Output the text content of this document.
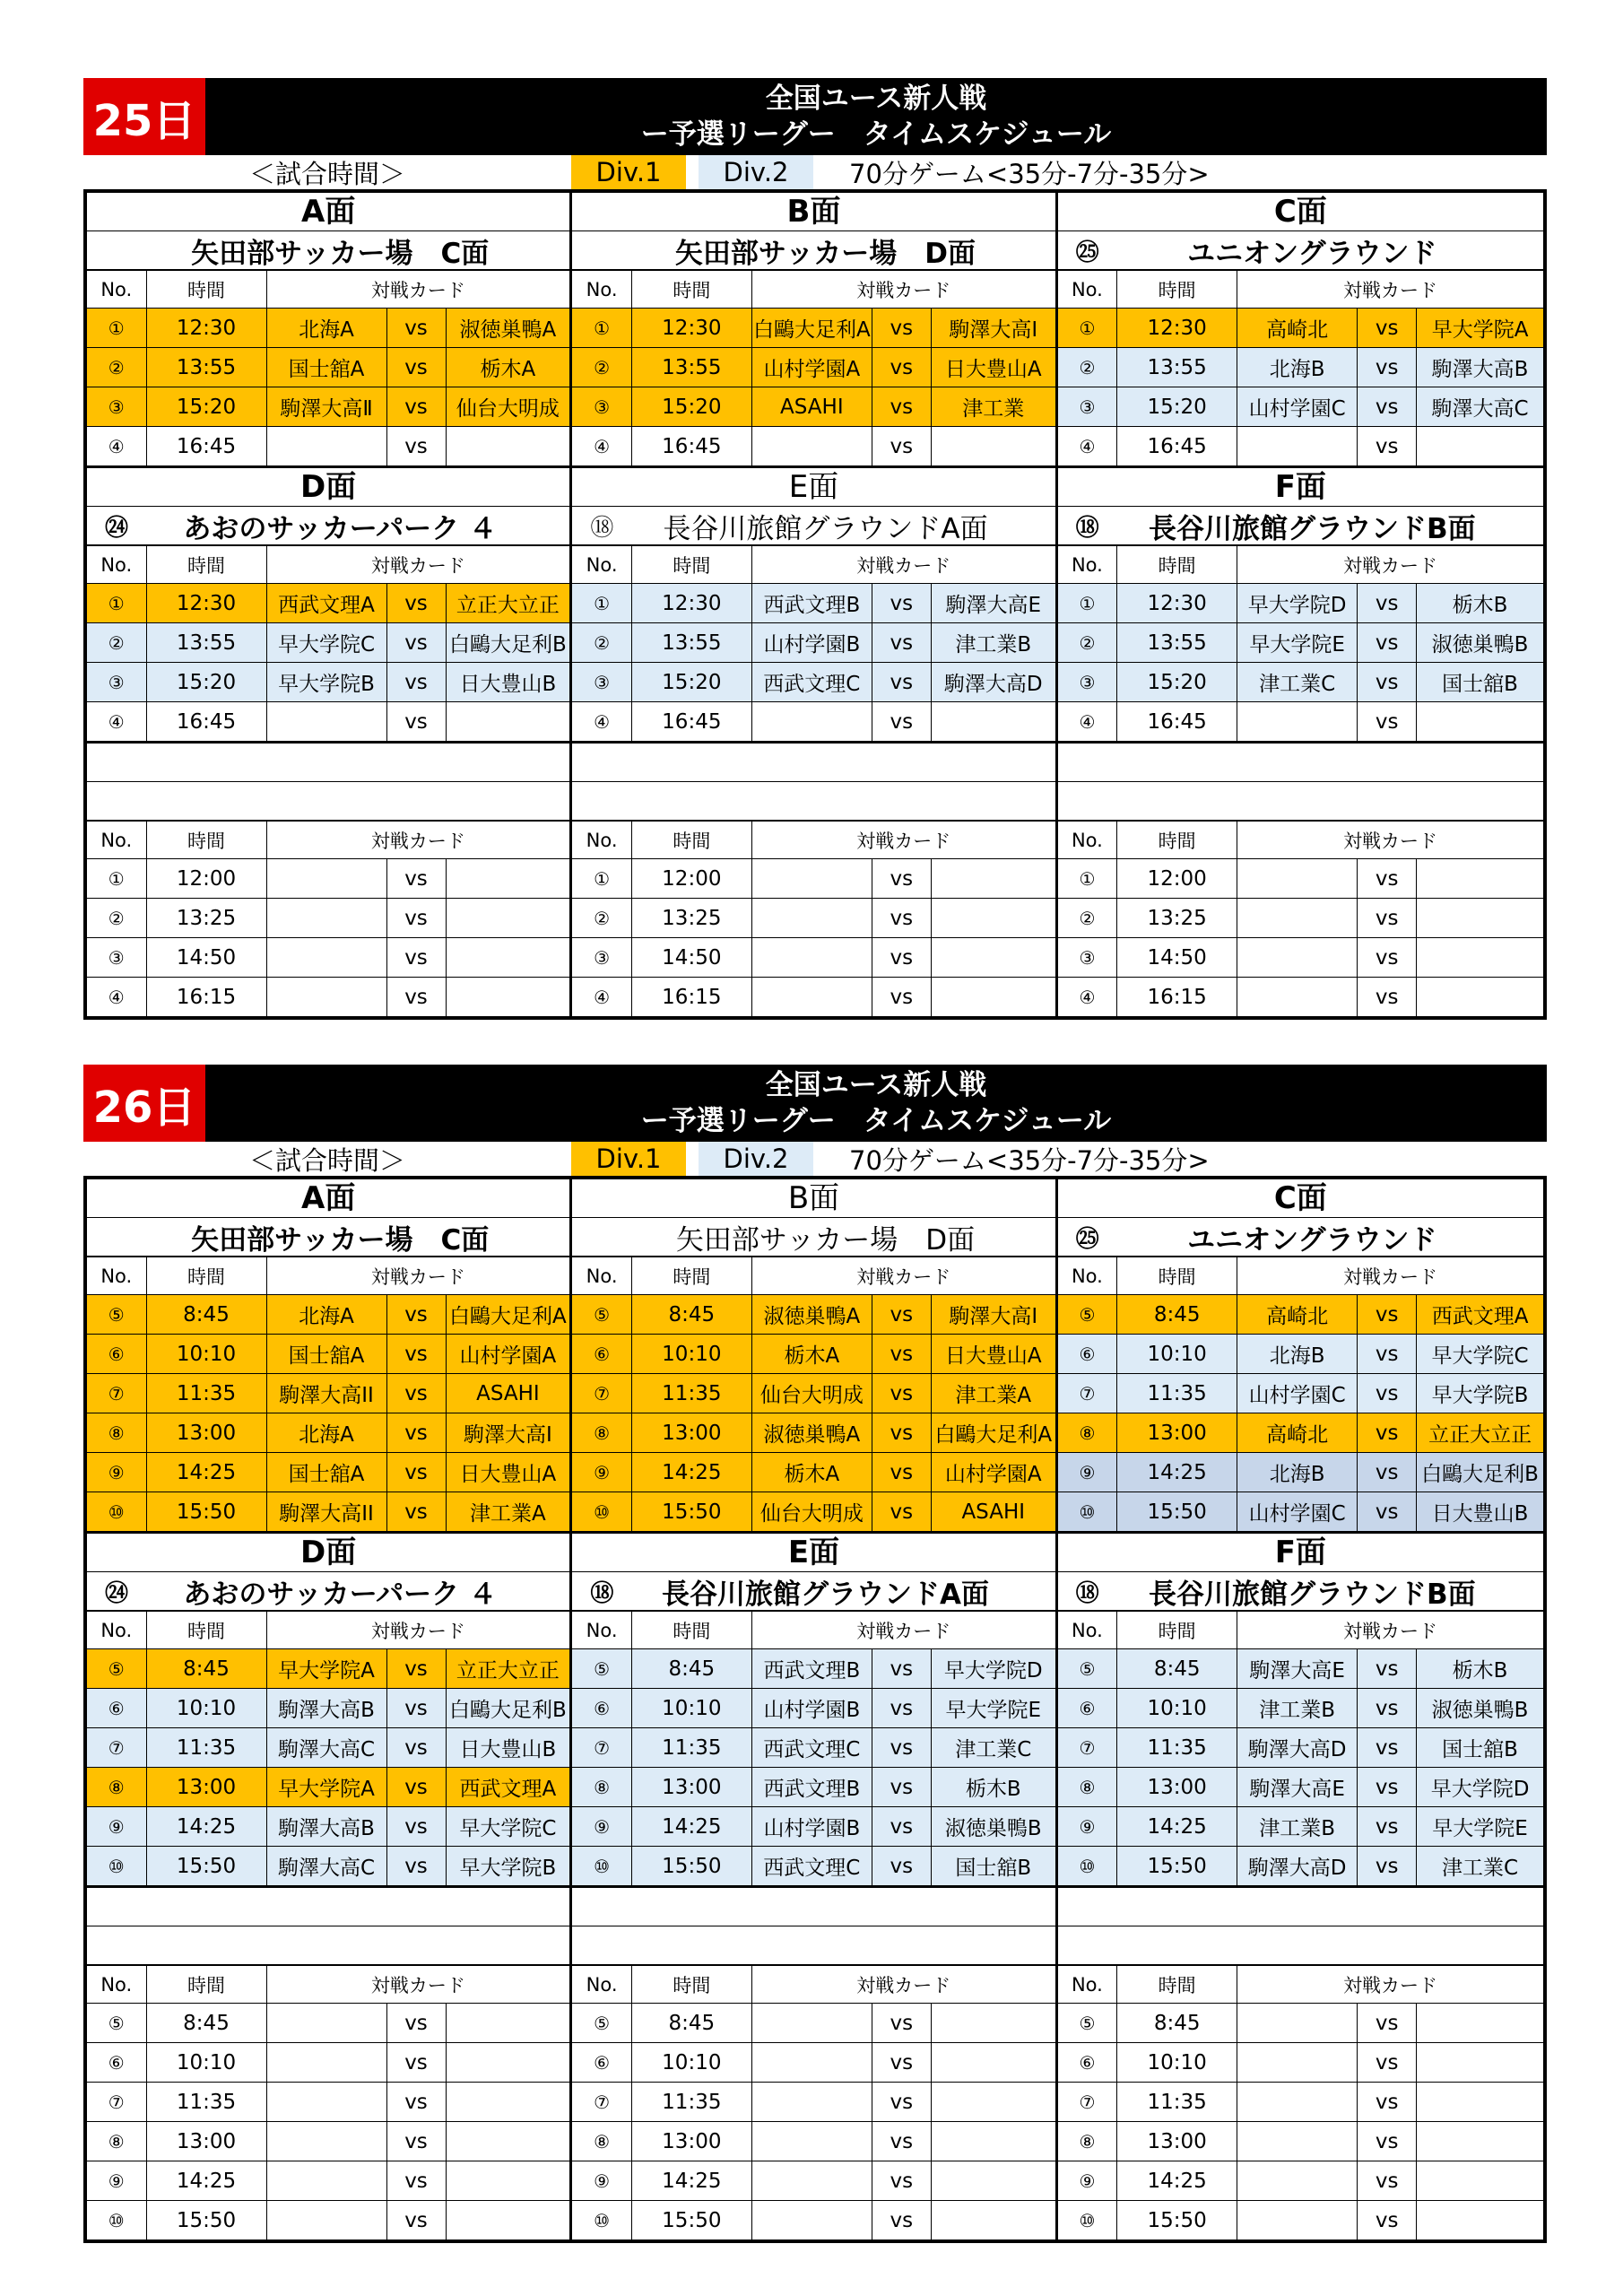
25日	全国ユース新人戦
ー予選リーグー　タイムスケジュール
＜試合時間＞	Div.1	Div.2	70分ゲーム<35分-7分-35分>
A面
矢田部サッカー場　C面
No.	時間	対戦カード		
①	12:30	北海A	vs	淑徳巣鴨A
②	13:55	国士舘A	vs	栃木A
③	15:20	駒澤大高Ⅱ	vs	仙台大明成
④	16:45		vs	
B面
矢田部サッカー場　D面
No.	時間	対戦カード		
①	12:30	白鷗大足利A	vs	駒澤大高Ⅰ
②	13:55	山村学園A	vs	日大豊山A
③	15:20	ASAHI	vs	津工業
④	16:45		vs	
C面
㉕	ユニオングラウンド
No.	時間	対戦カード		
①	12:30	高崎北	vs	早大学院A
②	13:55	北海B	vs	駒澤大高B
③	15:20	山村学園C	vs	駒澤大高C
④	16:45		vs	
D面
㉔	あおのサッカーパーク ４
No.	時間	対戦カード		
①	12:30	西武文理A	vs	立正大立正
②	13:55	早大学院C	vs	白鷗大足利B
③	15:20	早大学院B	vs	日大豊山B
④	16:45		vs	
E面
⑱	長谷川旅館グラウンドA面
No.	時間	対戦カード		
①	12:30	西武文理B	vs	駒澤大高E
②	13:55	山村学園B	vs	津工業B
③	15:20	西武文理C	vs	駒澤大高D
④	16:45		vs	
F面
⑱	長谷川旅館グラウンドB面
No.	時間	対戦カード		
①	12:30	早大学院D	vs	栃木B
②	13:55	早大学院E	vs	淑徳巣鴨B
③	15:20	津工業C	vs	国士舘B
④	16:45		vs	
No.	時間	対戦カード		
①	12:00		vs	
②	13:25		vs	
③	14:50		vs	
④	16:15		vs	
No.	時間	対戦カード		
①	12:00		vs	
②	13:25		vs	
③	14:50		vs	
④	16:15		vs	
No.	時間	対戦カード		
①	12:00		vs	
②	13:25		vs	
③	14:50		vs	
④	16:15		vs	
26日	全国ユース新人戦
ー予選リーグー　タイムスケジュール
＜試合時間＞	Div.1	Div.2	70分ゲーム<35分-7分-35分>
A面
矢田部サッカー場　C面
No.	時間	対戦カード		
⑤	8:45	北海A	vs	白鷗大足利A
⑥	10:10	国士舘A	vs	山村学園A
⑦	11:35	駒澤大高II	vs	ASAHI
⑧	13:00	北海A	vs	駒澤大高Ⅰ
⑨	14:25	国士舘A	vs	日大豊山A
⑩	15:50	駒澤大高II	vs	津工業A
B面
矢田部サッカー場　D面
No.	時間	対戦カード		
⑤	8:45	淑徳巣鴨A	vs	駒澤大高Ⅰ
⑥	10:10	栃木A	vs	日大豊山A
⑦	11:35	仙台大明成	vs	津工業A
⑧	13:00	淑徳巣鴨A	vs	白鷗大足利A
⑨	14:25	栃木A	vs	山村学園A
⑩	15:50	仙台大明成	vs	ASAHI
C面
㉕	ユニオングラウンド
No.	時間	対戦カード		
⑤	8:45	高崎北	vs	西武文理A
⑥	10:10	北海B	vs	早大学院C
⑦	11:35	山村学園C	vs	早大学院B
⑧	13:00	高崎北	vs	立正大立正
⑨	14:25	北海B	vs	白鷗大足利B
⑩	15:50	山村学園C	vs	日大豊山B
D面
㉔	あおのサッカーパーク ４
No.	時間	対戦カード		
⑤	8:45	早大学院A	vs	立正大立正
⑥	10:10	駒澤大高B	vs	白鷗大足利B
⑦	11:35	駒澤大高C	vs	日大豊山B
⑧	13:00	早大学院A	vs	西武文理A
⑨	14:25	駒澤大高B	vs	早大学院C
⑩	15:50	駒澤大高C	vs	早大学院B
E面
⑱	長谷川旅館グラウンドA面
No.	時間	対戦カード		
⑤	8:45	西武文理B	vs	早大学院D
⑥	10:10	山村学園B	vs	早大学院E
⑦	11:35	西武文理C	vs	津工業C
⑧	13:00	西武文理B	vs	栃木B
⑨	14:25	山村学園B	vs	淑徳巣鴨B
⑩	15:50	西武文理C	vs	国士舘B
F面
⑱	長谷川旅館グラウンドB面
No.	時間	対戦カード		
⑤	8:45	駒澤大高E	vs	栃木B
⑥	10:10	津工業B	vs	淑徳巣鴨B
⑦	11:35	駒澤大高D	vs	国士舘B
⑧	13:00	駒澤大高E	vs	早大学院D
⑨	14:25	津工業B	vs	早大学院E
⑩	15:50	駒澤大高D	vs	津工業C
No.	時間	対戦カード		
⑤	8:45		vs	
⑥	10:10		vs	
⑦	11:35		vs	
⑧	13:00		vs	
⑨	14:25		vs	
⑩	15:50		vs	
No.	時間	対戦カード		
⑤	8:45		vs	
⑥	10:10		vs	
⑦	11:35		vs	
⑧	13:00		vs	
⑨	14:25		vs	
⑩	15:50		vs	
No.	時間	対戦カード		
⑤	8:45		vs	
⑥	10:10		vs	
⑦	11:35		vs	
⑧	13:00		vs	
⑨	14:25		vs	
⑩	15:50		vs	
